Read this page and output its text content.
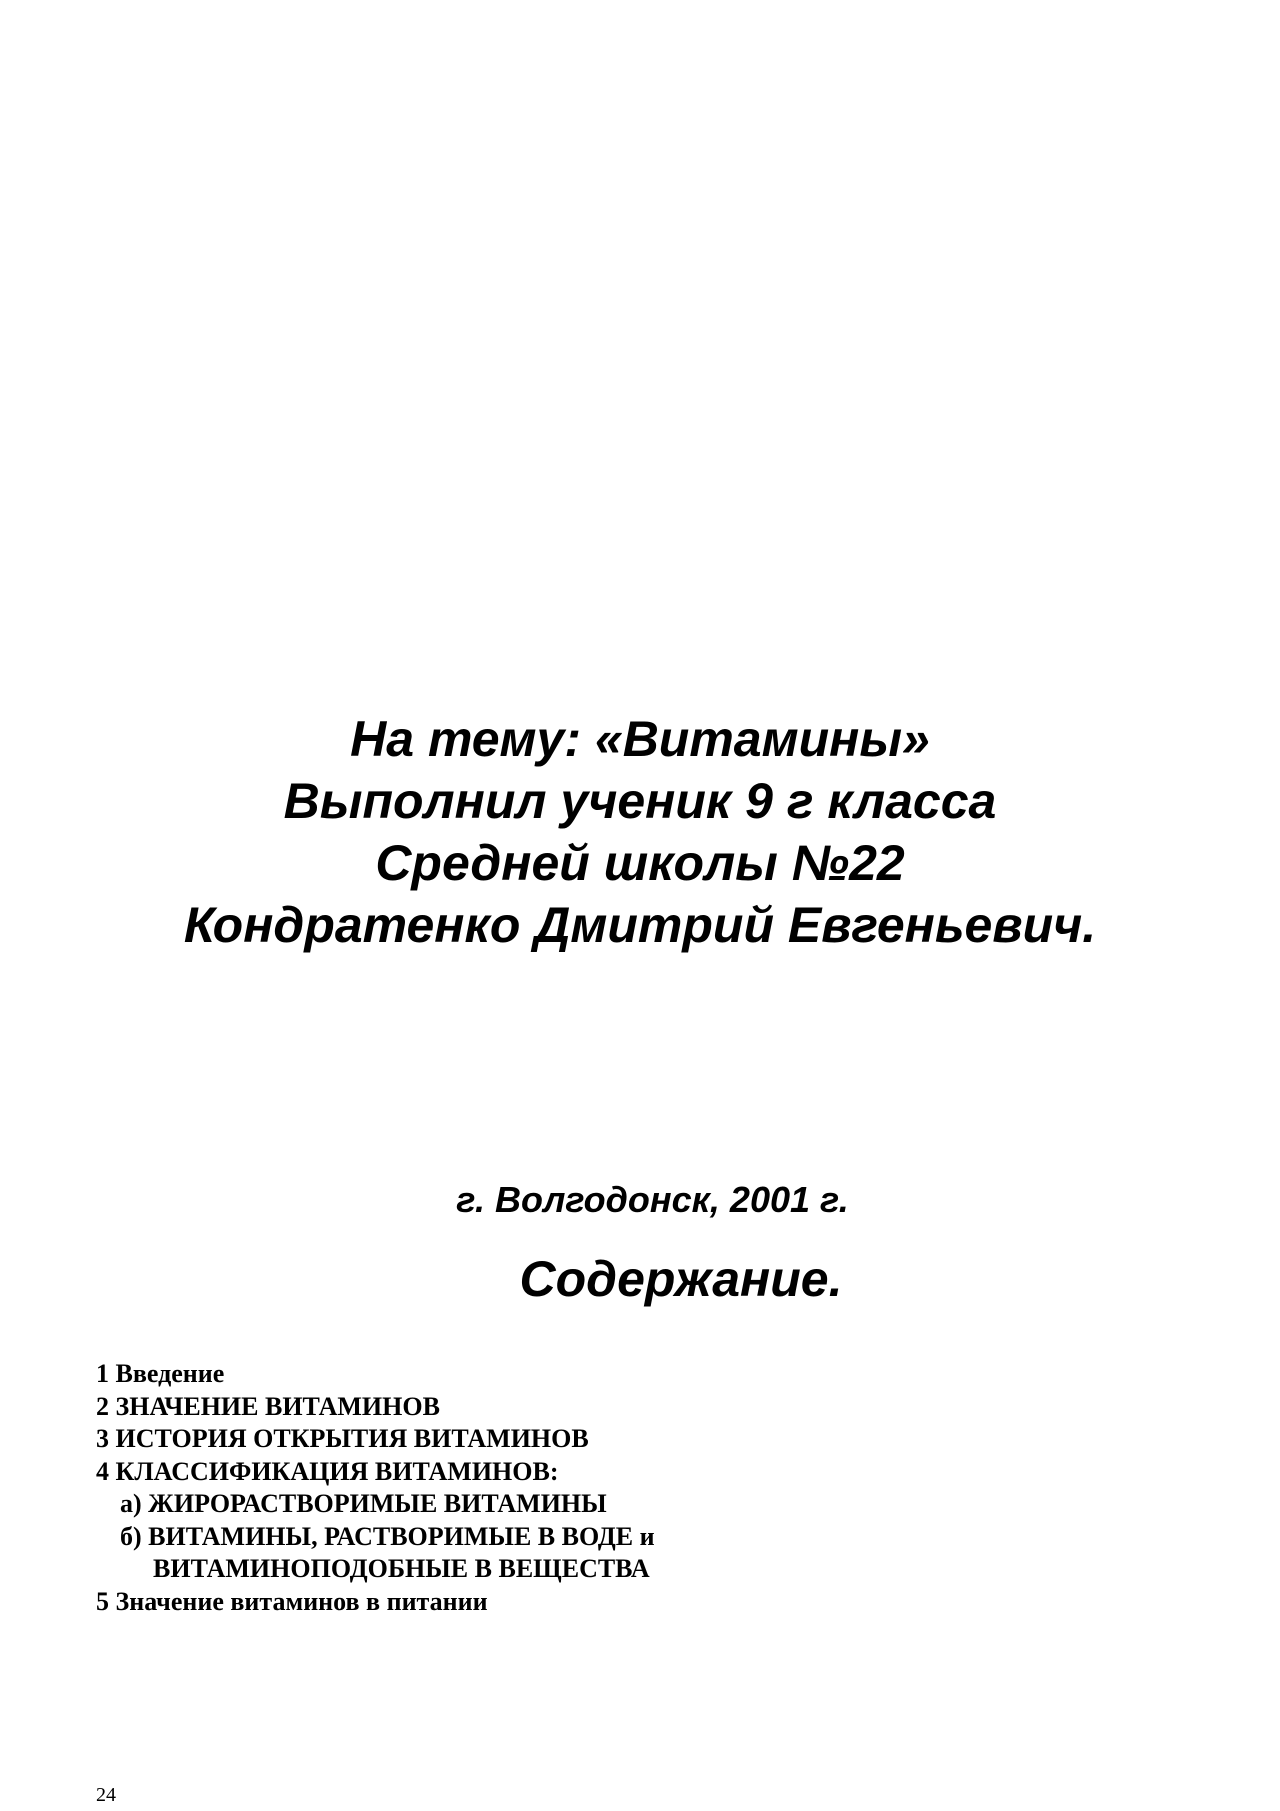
На тему: «Витамины»
Выполнил ученик 9 г класса
Средней школы №22
Кондратенко Дмитрий Евгеньевич.
г. Волгодонск, 2001 г.
Содержание.
1 Введение
2 ЗНАЧЕНИЕ ВИТАМИНОВ
3 ИСТОРИЯ ОТКРЫТИЯ ВИТАМИНОВ
4 КЛАССИФИКАЦИЯ ВИТАМИНОВ:
а) ЖИРОРАСТВОРИМЫЕ ВИТАМИНЫ
б) ВИТАМИНЫ, РАСТВОРИМЫЕ В ВОДЕ и
ВИТАМИНОПОДОБНЫЕ В ВЕЩЕСТВА
5 Значение витаминов в питании
24
